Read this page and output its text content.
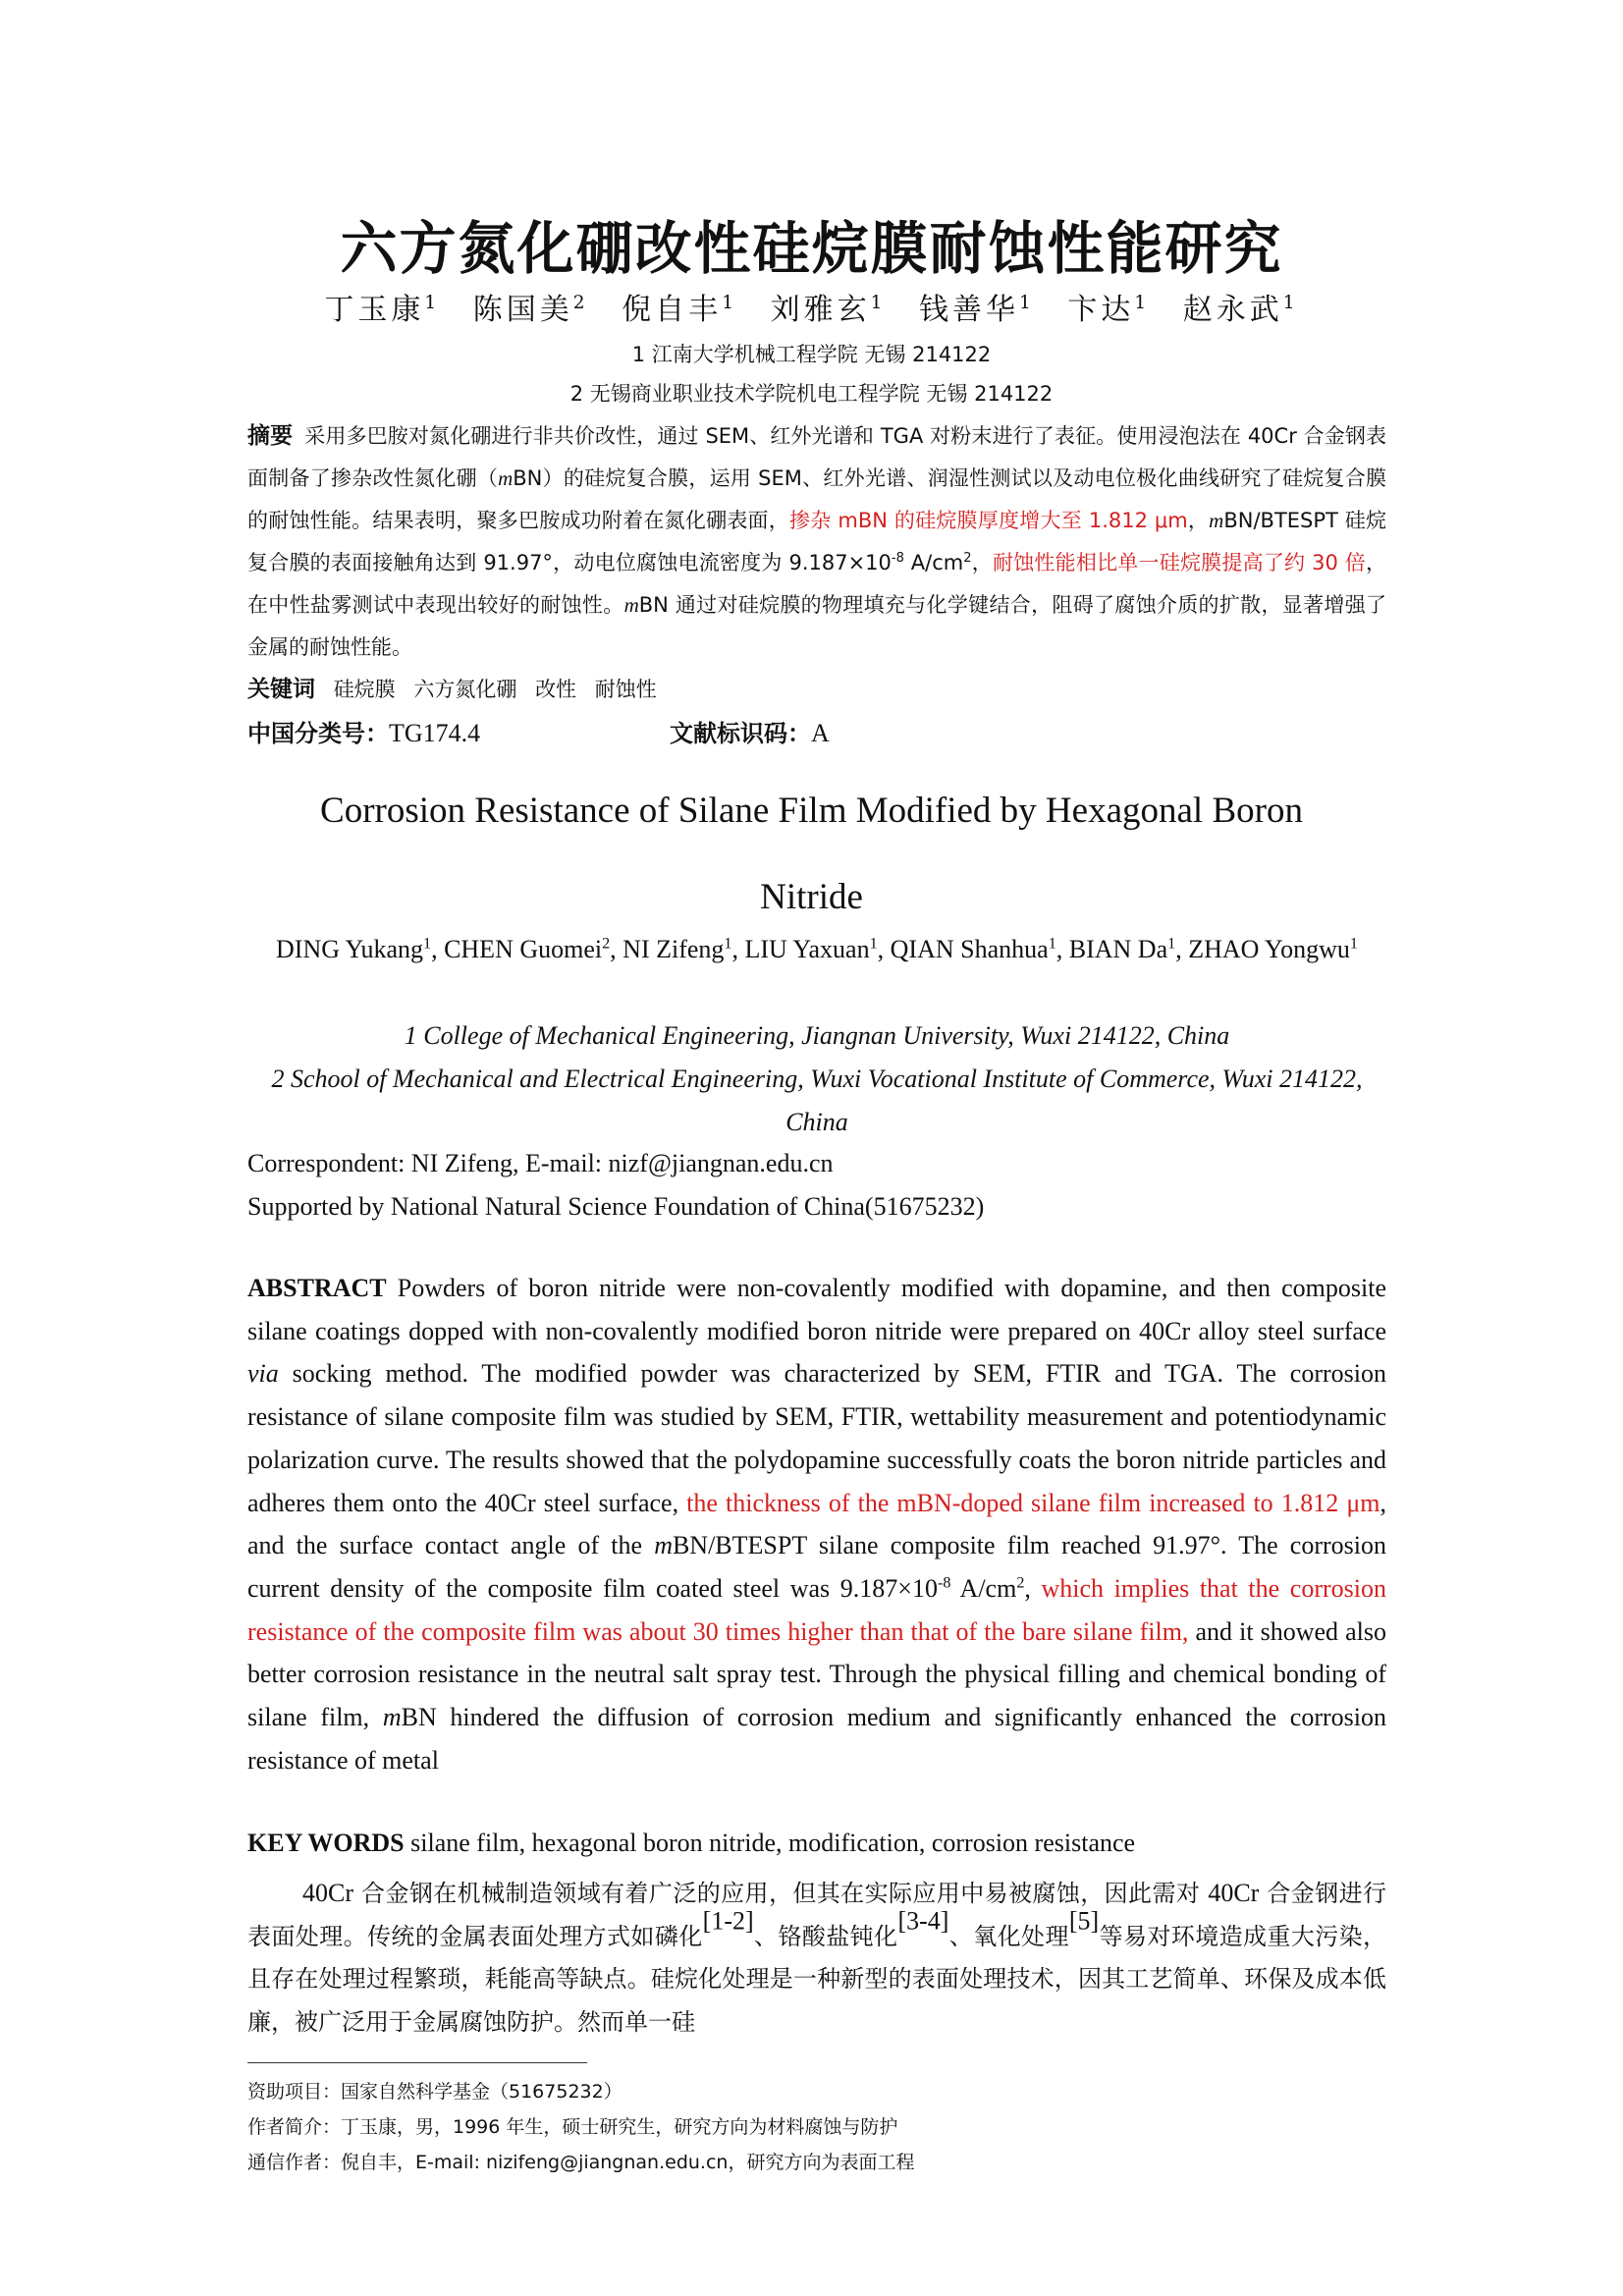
六方氮化硼改性硅烷膜耐蚀性能研究
丁玉康$^1$ 陈国美$^2$ 倪自丰$^1$ 刘雅玄$^1$ 钱善华$^1$ 卞达$^1$ 赵永武$^1$
1 江南大学机械工程学院 无锡 214122
2 无锡商业职业技术学院机电工程学院 无锡 214122
摘要 采用多巴胺对氮化硼进行非共价改性，通过 SEM、红外光谱和 TGA 对粉末进行了表征。使用浸泡法在 40Cr 合金钢表面制备了掺杂改性氮化硼（mBN）的硅烷复合膜，运用 SEM、红外光谱、润湿性测试以及动电位极化曲线研究了硅烷复合膜的耐蚀性能。结果表明，聚多巴胺成功附着在氮化硼表面，掺杂 mBN 的硅烷膜厚度增大至 1.812 μm，mBN/BTESPT 硅烷复合膜的表面接触角达到 91.97°，动电位腐蚀电流密度为 $9.187\times 10^{-8}$ $A/cm^2$，耐蚀性能相比单一硅烷膜提高了约 30 倍，在中性盐雾测试中表现出较好的耐蚀性。mBN 通过对硅烷膜的物理填充与化学键结合，阻碍了腐蚀介质的扩散，显著增强了金属的耐蚀性能。
关键词 硅烷膜 六方氮化硼 改性 耐蚀性
中国分类号：TG174.4	文献标识码：A
Corrosion Resistance of Silane Film Modified by Hexagonal Boron
Nitride
DING Yukang$^1$, CHEN Guomei$^2$, NI Zifeng$^1$, LIU Yaxuan$^1$, QIAN Shanhua$^1$, BIAN Da$^1$, ZHAO Yongwu$^1$
1 College of Mechanical Engineering, Jiangnan University, Wuxi 214122, China
2 School of Mechanical and Electrical Engineering, Wuxi Vocational Institute of Commerce, Wuxi 214122, China
Correspondent: NI Zifeng, E-mail: nizf@jiangnan.edu.cn
Supported by National Natural Science Foundation of China(51675232)
ABSTRACT Powders of boron nitride were non-covalently modified with dopamine, and then composite silane coatings dopped with non-covalently modified boron nitride were prepared on 40Cr alloy steel surface via socking method. The modified powder was characterized by SEM, FTIR and TGA. The corrosion resistance of silane composite film was studied by SEM, FTIR, wettability measurement and potentiodynamic polarization curve. The results showed that the polydopamine successfully coats the boron nitride particles and adheres them onto the 40Cr steel surface, the thickness of the mBN-doped silane film increased to 1.812 μm, and the surface contact angle of the mBN/BTESPT silane composite film reached 91.97°. The corrosion current density of the composite film coated steel was $9.187\times 10^{-8}$ $A/cm^2$, which implies that the corrosion resistance of the composite film was about 30 times higher than that of the bare silane film, and it showed also better corrosion resistance in the neutral salt spray test. Through the physical filling and chemical bonding of silane film, mBN hindered the diffusion of corrosion medium and significantly enhanced the corrosion resistance of metal
KEY WORDS silane film, hexagonal boron nitride, modification, corrosion resistance
40Cr 合金钢在机械制造领域有着广泛的应用，但其在实际应用中易被腐蚀，因此需对 40Cr 合金钢进行表面处理。传统的金属表面处理方式如磷化[1-2]、铬酸盐钝化[3-4]、氧化处理[5]等易对环境造成重大污染，且存在处理过程繁琐，耗能高等缺点。硅烷化处理是一种新型的表面处理技术，因其工艺简单、环保及成本低廉，被广泛用于金属腐蚀防护。然而单一硅
资助项目：国家自然科学基金（51675232）
作者简介：丁玉康，男，1996 年生，硕士研究生，研究方向为材料腐蚀与防护
通信作者：倪自丰，E-mail: nizifeng@jiangnan.edu.cn，研究方向为表面工程
